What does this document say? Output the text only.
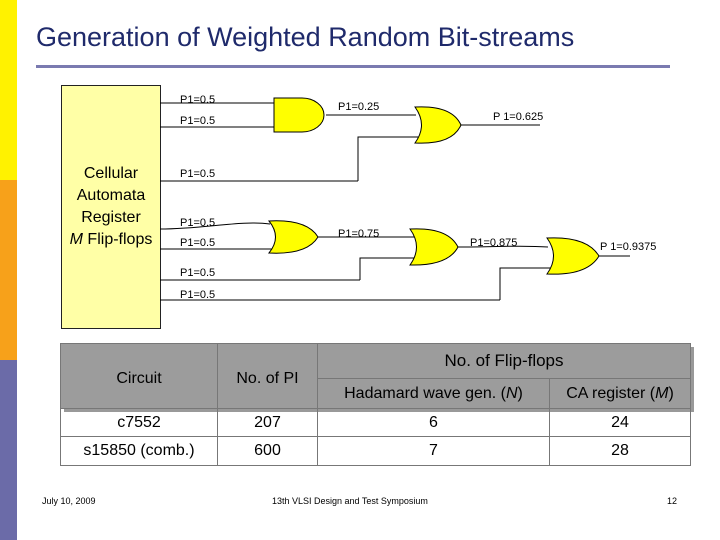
Generation of Weighted Random Bit-streams
Cellular
Automata
Register
M Flip-flops
P1=0.5
P1=0.5
P1=0.5
P1=0.5
P1=0.5
P1=0.5
P1=0.5
P1=0.25
P 1=0.625
P1=0.75
P1=0.875	P 1=0.9375
Circuit	No. of PI	No. of Flip-flops	
		Hadamard wave gen. (N)	CA register (M)
c7552	207	6	24
s15850 (comb.)	600	7	28
July 10, 2009	13th VLSI Design and Test Symposium	12
